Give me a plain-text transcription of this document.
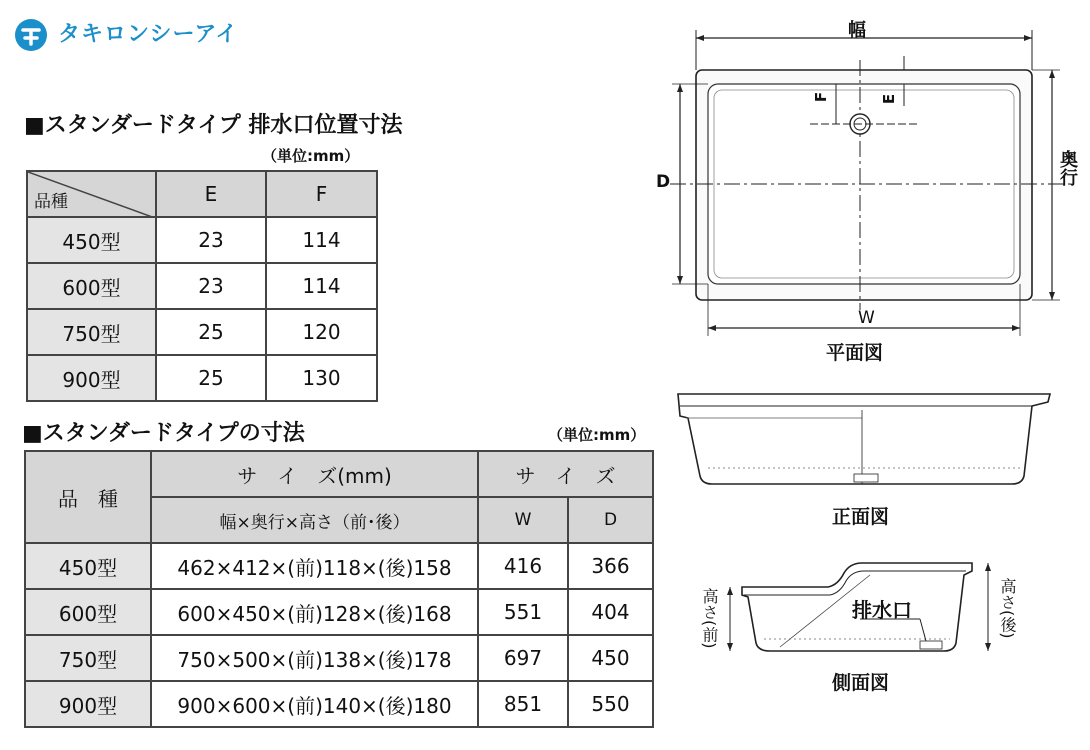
タキロンシーアイ
■スタンダードタイプ 排水口位置寸法
（単位:mm）
品種	E	F
450型	23	114
600型	23	114
750型	25	120
900型	25	130
■スタンダードタイプの寸法	（単位:mm）
品　種	サ　イ　ズ(mm)	サ　イ　ズ	
	幅×奥行×高さ（前･後）	W	D
450型	462×412×(前)118×(後)158	416	366
600型	600×450×(前)128×(後)168	551	404
750型	750×500×(前)138×(後)178	697	450
900型	900×600×(前)140×(後)180	851	550
幅
奥行
D
W
F	E
平面図
正面図
排水口
高さ(前)	高さ(後)
側面図
